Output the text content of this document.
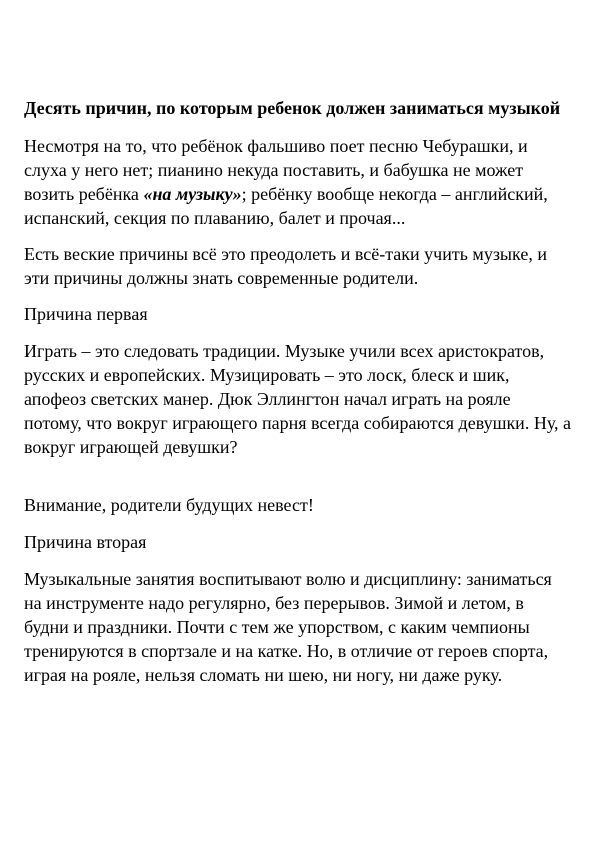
Десять причин, по которым ребенок должен заниматься музыкой

Несмотря на то, что ребёнок фальшиво поет песню Чебурашки, и слуха у него нет; пианино некуда поставить, и бабушка не может возить ребёнка «на музыку»; ребёнку вообще некогда – английский, испанский, секция по плаванию, балет и прочая...

Есть веские причины всё это преодолеть и всё-таки учить музыке, и эти причины должны знать современные родители.

Причина первая

Играть – это следовать традиции. Музыке учили всех аристократов, русских и европейских. Музицировать – это лоск, блеск и шик, апофеоз светских манер. Дюк Эллингтон начал играть на рояле потому, что вокруг играющего парня всегда собираются девушки. Ну, а вокруг играющей девушки?

Внимание, родители будущих невест!

Причина вторая

Музыкальные занятия воспитывают волю и дисциплину: заниматься на инструменте надо регулярно, без перерывов. Зимой и летом, в будни и праздники. Почти с тем же упорством, с каким чемпионы тренируются в спортзале и на катке. Но, в отличие от героев спорта, играя на рояле, нельзя сломать ни шею, ни ногу, ни даже руку.
